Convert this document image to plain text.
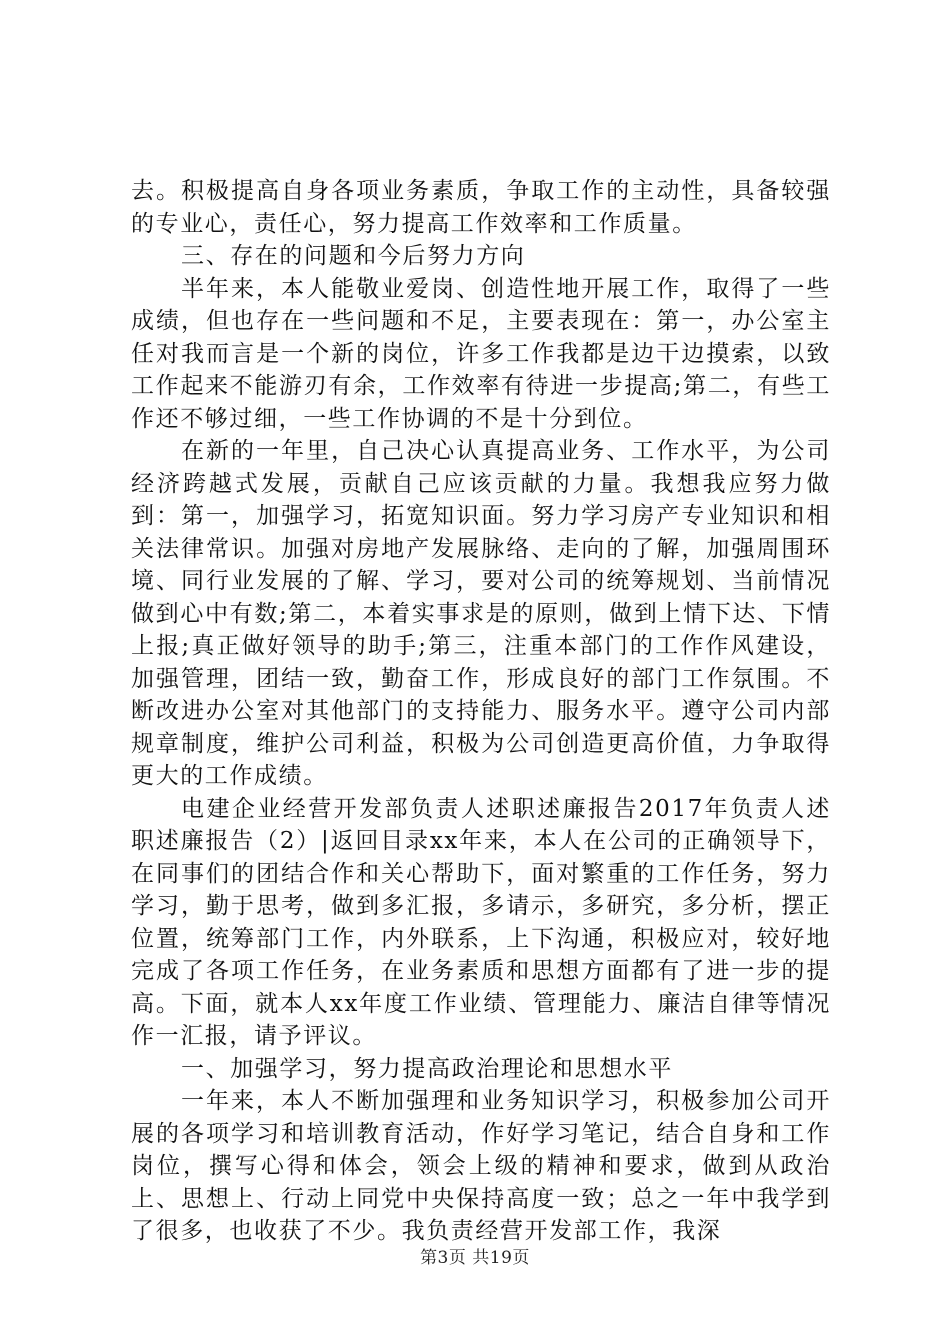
去。积极提高自身各项业务素质，争取工作的主动性，具备较强的专业心，责任心，努力提高工作效率和工作质量。

三、存在的问题和今后努力方向

半年来，本人能敬业爱岗、创造性地开展工作，取得了一些成绩，但也存在一些问题和不足，主要表现在：第一，办公室主任对我而言是一个新的岗位，许多工作我都是边干边摸索，以致工作起来不能游刃有余，工作效率有待进一步提高;第二，有些工作还不够过细，一些工作协调的不是十分到位。

在新的一年里，自己决心认真提高业务、工作水平，为公司经济跨越式发展，贡献自己应该贡献的力量。我想我应努力做到：第一，加强学习，拓宽知识面。努力学习房产专业知识和相关法律常识。加强对房地产发展脉络、走向的了解，加强周围环境、同行业发展的了解、学习，要对公司的统筹规划、当前情况做到心中有数;第二，本着实事求是的原则，做到上情下达、下情上报;真正做好领导的助手;第三，注重本部门的工作作风建设，加强管理，团结一致，勤奋工作，形成良好的部门工作氛围。不断改进办公室对其他部门的支持能力、服务水平。遵守公司内部规章制度，维护公司利益，积极为公司创造更高价值，力争取得更大的工作成绩。

电建企业经营开发部负责人述职述廉报告2017年负责人述职述廉报告（2）|返回目录xx年来，本人在公司的正确领导下，在同事们的团结合作和关心帮助下，面对繁重的工作任务，努力学习，勤于思考，做到多汇报，多请示，多研究，多分析，摆正位置，统筹部门工作，内外联系，上下沟通，积极应对，较好地完成了各项工作任务，在业务素质和思想方面都有了进一步的提高。下面，就本人xx年度工作业绩、管理能力、廉洁自律等情况作一汇报，请予评议。

一、加强学习，努力提高政治理论和思想水平

一年来，本人不断加强理和业务知识学习，积极参加公司开展的各项学习和培训教育活动，作好学习笔记，结合自身和工作岗位，撰写心得和体会，领会上级的精神和要求，做到从政治上、思想上、行动上同党中央保持高度一致；总之一年中我学到了很多，也收获了不少。我负责经营开发部工作，我深

第3页 共19页
